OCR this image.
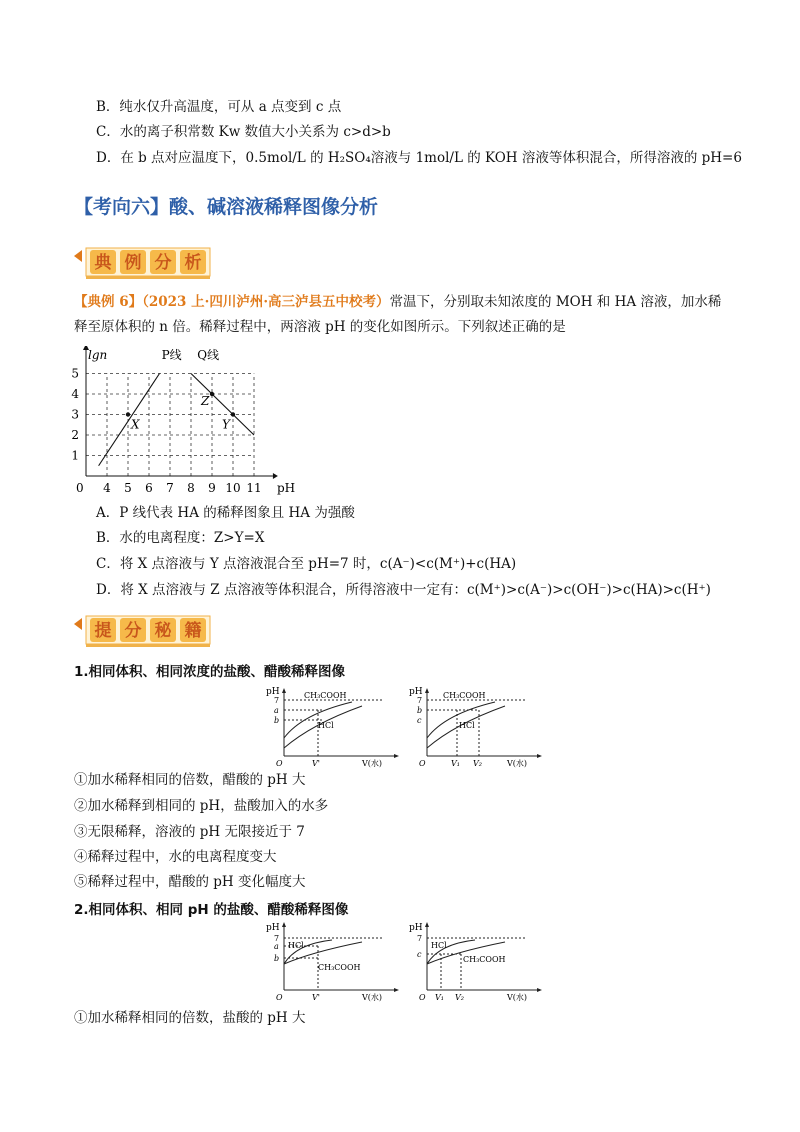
B．纯水仅升高温度，可从 a 点变到 c 点
C．水的离子积常数 Kw 数值大小关系为 c>d>b
D．在 b 点对应温度下，0.5mol/L 的 H₂SO₄溶液与 1mol/L 的 KOH 溶液等体积混合，所得溶液的 pH=6
【考向六】酸、碱溶液稀释图像分析
典 例 分 析
【典例 6】（2023 上·四川泸州·高三泸县五中校考）常温下，分别取未知浓度的 MOH 和 HA 溶液，加水稀
释至原体积的 n 倍。稀释过程中，两溶液 pH 的变化如图所示。下列叙述正确的是
4 5 6 7 8 9 10 11
1
2
3
4
5
0	pH
lgn	P线 Q线
X
Z
Y
A．P 线代表 HA 的稀释图象且 HA 为强酸
B．水的电离程度：Z>Y=X
C．将 X 点溶液与 Y 点溶液混合至 pH=7 时，c(A⁻)<c(M⁺)+c(HA)
D．将 X 点溶液与 Z 点溶液等体积混合，所得溶液中一定有：c(M⁺)>c(A⁻)>c(OH⁻)>c(HA)>c(H⁺)
提 分 秘 籍
1.相同体积、相同浓度的盐酸、醋酸稀释图像
pH
7
a
b
CH₃COOH
HCl
O	V'	V(水)
pH
7
b
c
CH₃COOH
HCl
O	V₁ V₂	V(水)
①加水稀释相同的倍数，醋酸的 pH 大
②加水稀释到相同的 pH，盐酸加入的水多
③无限稀释，溶液的 pH 无限接近于 7
④稀释过程中，水的电离程度变大
⑤稀释过程中，醋酸的 pH 变化幅度大
2.相同体积、相同 pH 的盐酸、醋酸稀释图像
pH
7
a
b
HCl
CH₃COOH
O	V'	V(水)
pH
7
c
HCl
CH₃COOH
O V₁ V₂	V(水)
①加水稀释相同的倍数，盐酸的 pH 大
